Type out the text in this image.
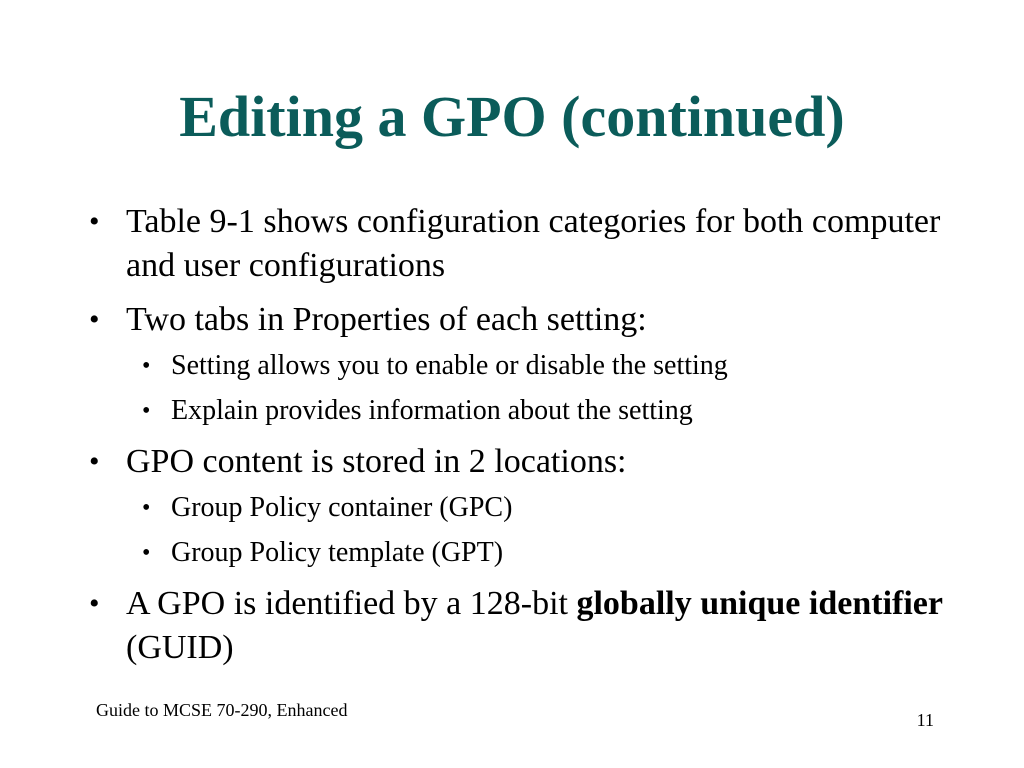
Editing a GPO (continued)
• Table 9-1 shows configuration categories for both computer and user configurations
• Two tabs in Properties of each setting:
• Setting allows you to enable or disable the setting
• Explain provides information about the setting
• GPO content is stored in 2 locations:
• Group Policy container (GPC)
• Group Policy template (GPT)
• A GPO is identified by a 128-bit globally unique identifier (GUID)
Guide to MCSE 70-290, Enhanced	11
